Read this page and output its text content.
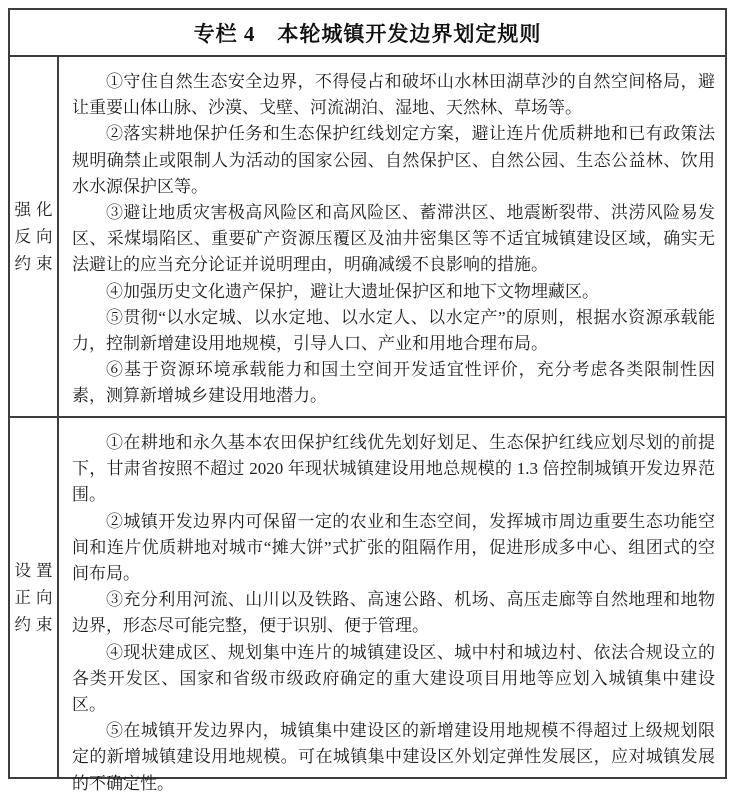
专栏 4　本轮城镇开发边界划定规则
强化
反向
约束

①守住自然生态安全边界，不得侵占和破坏山水林田湖草沙的自然空间格局，避让重要山体山脉、沙漠、戈壁、河流湖泊、湿地、天然林、草场等。

②落实耕地保护任务和生态保护红线划定方案，避让连片优质耕地和已有政策法规明确禁止或限制人为活动的国家公园、自然保护区、自然公园、生态公益林、饮用水水源保护区等。

③避让地质灾害极高风险区和高风险区、蓄滞洪区、地震断裂带、洪涝风险易发区、采煤塌陷区、重要矿产资源压覆区及油井密集区等不适宜城镇建设区域，确实无法避让的应当充分论证并说明理由，明确减缓不良影响的措施。

④加强历史文化遗产保护，避让大遗址保护区和地下文物埋藏区。

⑤贯彻“以水定城、以水定地、以水定人、以水定产”的原则，根据水资源承载能力，控制新增建设用地规模，引导人口、产业和用地合理布局。

⑥基于资源环境承载能力和国土空间开发适宜性评价，充分考虑各类限制性因素，测算新增城乡建设用地潜力。

设置
正向
约束

①在耕地和永久基本农田保护红线优先划好划足、生态保护红线应划尽划的前提下，甘肃省按照不超过 2020 年现状城镇建设用地总规模的 1.3 倍控制城镇开发边界范围。

②城镇开发边界内可保留一定的农业和生态空间，发挥城市周边重要生态功能空间和连片优质耕地对城市“摊大饼”式扩张的阻隔作用，促进形成多中心、组团式的空间布局。

③充分利用河流、山川以及铁路、高速公路、机场、高压走廊等自然地理和地物边界，形态尽可能完整，便于识别、便于管理。

④现状建成区、规划集中连片的城镇建设区、城中村和城边村、依法合规设立的各类开发区、国家和省级市级政府确定的重大建设项目用地等应划入城镇集中建设区。

⑤在城镇开发边界内，城镇集中建设区的新增建设用地规模不得超过上级规划限定的新增城镇建设用地规模。可在城镇集中建设区外划定弹性发展区，应对城镇发展的不确定性。
